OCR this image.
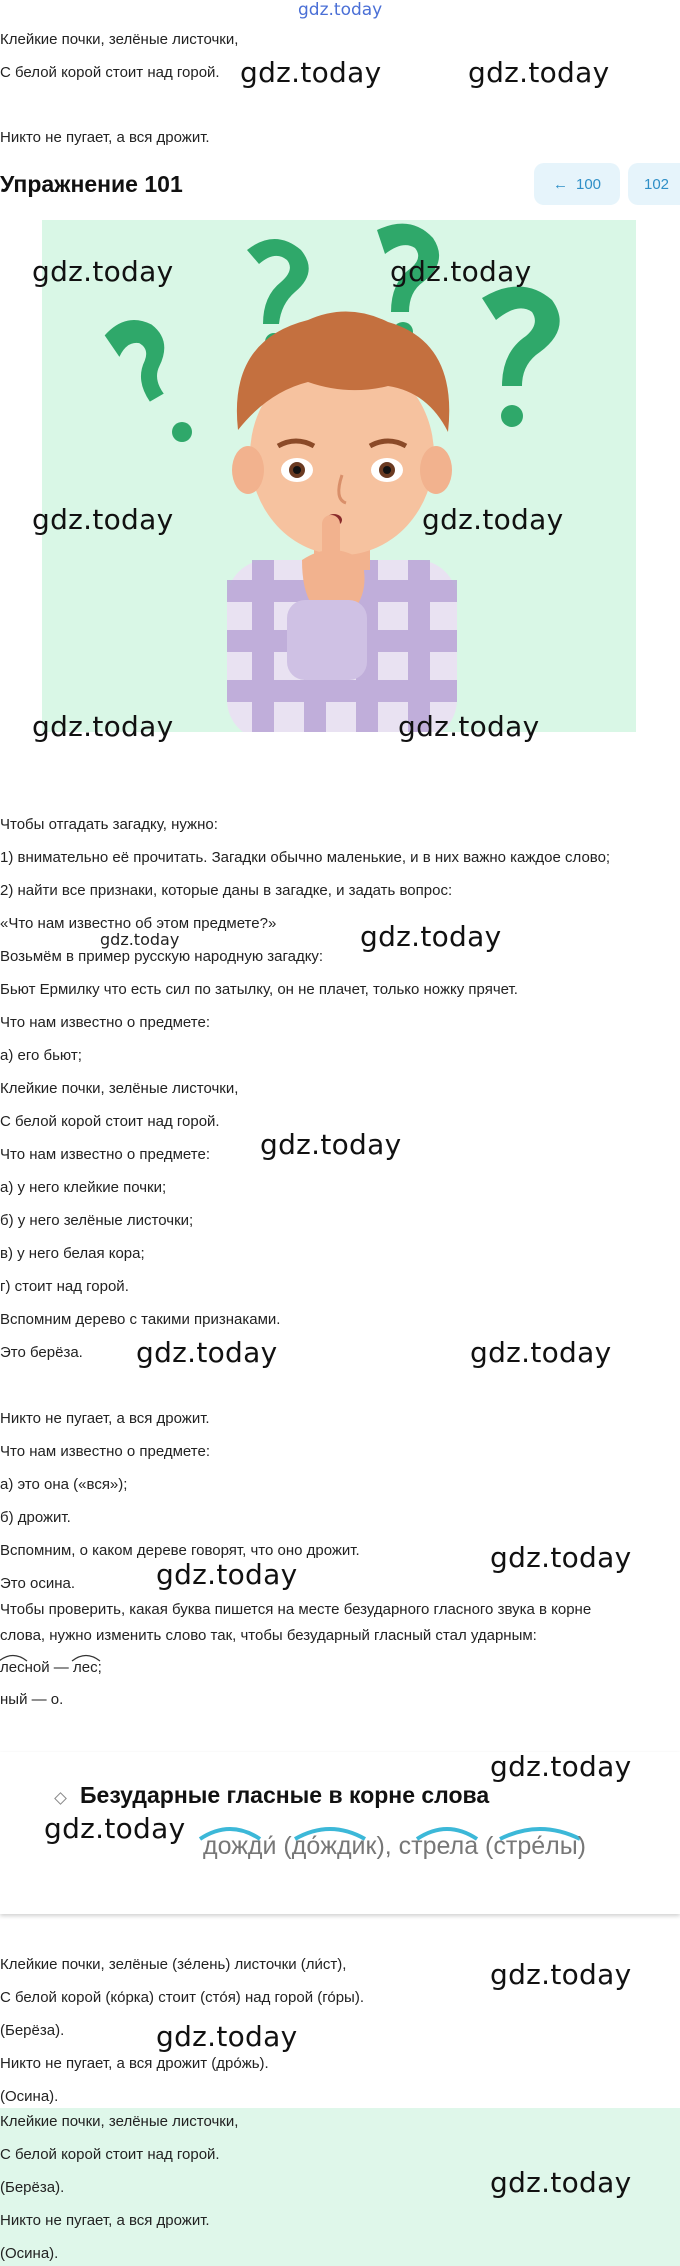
gdz.today
Клейкие почки, зелёные листочки,
С белой корой стоит над горой.
Никто не пугает, а вся дрожит.
gdz.today	gdz.today
Упражнение 101	← 100	102
gdz.today	gdz.today
gdz.today	gdz.today
gdz.today	gdz.today
Чтобы отгадать загадку, нужно:
1) внимательно её прочитать. Загадки обычно маленькие, и в них важно каждое слово;
2) найти все признаки, которые даны в загадке, и задать вопрос:
«Что нам известно об этом предмете?»
gdz.today
Возьмём в пример русскую народную загадку:
Бьют Ермилку что есть сил по затылку, он не плачет, только ножку прячет.
Что нам известно о предмете:
а) его бьют;
Клейкие почки, зелёные листочки,
С белой корой стоит над горой.
Что нам известно о предмете:
а) у него клейкие почки;
б) у него зелёные листочки;
в) у него белая кора;
г) стоит над горой.
Вспомним дерево с такими признаками.
Это берёза.
Никто не пугает, а вся дрожит.
Что нам известно о предмете:
а) это она («вся»);
б) дрожит.
Вспомним, о каком дереве говорят, что оно дрожит.
Это осина.
Чтобы проверить, какая буква пишется на месте безударного гласного звука в корне
слова, нужно изменить слово так, чтобы безударный гласный стал ударным:
gdz.today
gdz.today
gdz.today	gdz.today
gdz.today
gdz.today
лесной — лес;
ный — о.
Безударные гласные в корне слова
дожди́ (до́ждик), стрела (стре́лы)
gdz.today
gdz.today
Клейкие почки, зелёные (зе́лень) листочки (ли́ст),
С белой корой (ко́рка) стоит (сто́я) над горой (го́ры).
(Берёза).
Никто не пугает, а вся дрожит (дро́жь).
(Осина).
gdz.today
gdz.today
Клейкие почки, зелёные листочки,
С белой корой стоит над горой.
(Берёза).
Никто не пугает, а вся дрожит.
(Осина).
gdz.today
